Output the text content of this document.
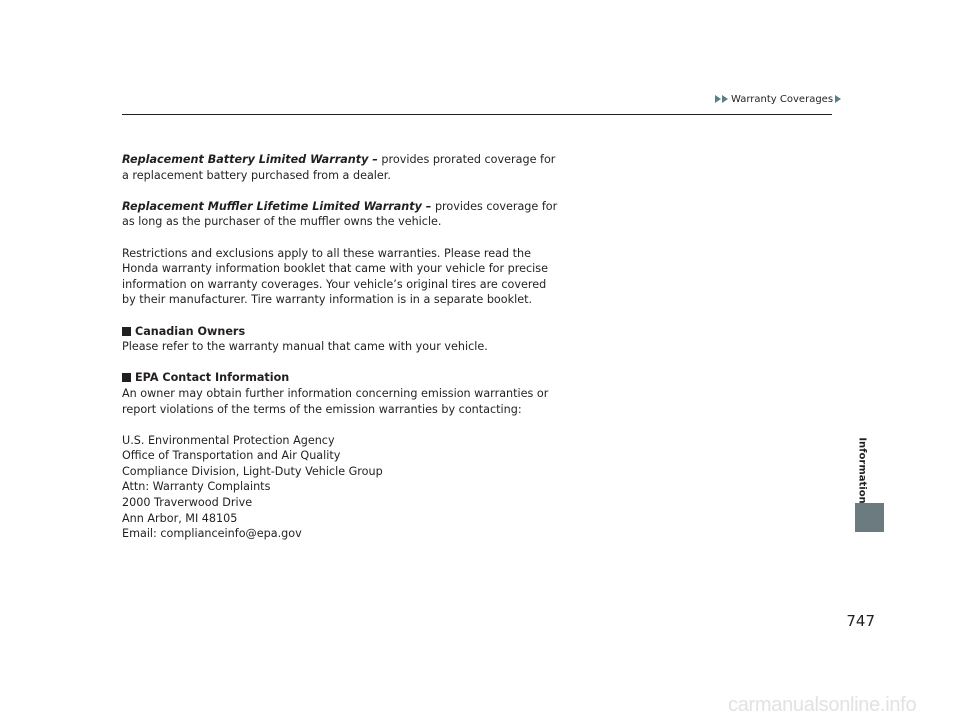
Warranty Coverages

Replacement Battery Limited Warranty – provides prorated coverage for a replacement battery purchased from a dealer.

Replacement Muffler Lifetime Limited Warranty – provides coverage for as long as the purchaser of the muffler owns the vehicle.

Restrictions and exclusions apply to all these warranties. Please read the Honda warranty information booklet that came with your vehicle for precise information on warranty coverages. Your vehicle’s original tires are covered by their manufacturer. Tire warranty information is in a separate booklet.

Canadian Owners

Please refer to the warranty manual that came with your vehicle.

EPA Contact Information

An owner may obtain further information concerning emission warranties or report violations of the terms of the emission warranties by contacting:

U.S. Environmental Protection Agency

Office of Transportation and Air Quality

Compliance Division, Light-Duty Vehicle Group

Attn: Warranty Complaints

2000 Traverwood Drive

Ann Arbor, MI 48105

Email: complianceinfo@epa.gov

Information
747
carmanualsonline.info
